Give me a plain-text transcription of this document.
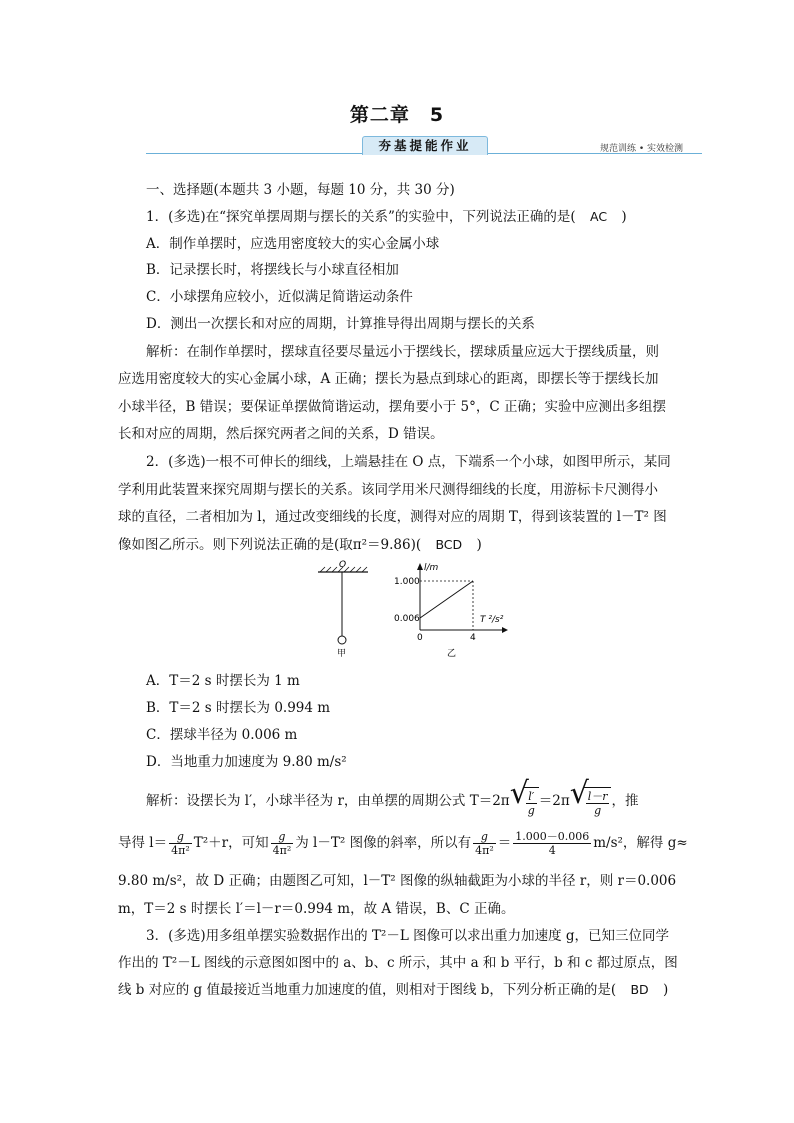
第二章　5
夯基提能作业	规范训练 • 实效检测
一、选择题(本题共 3 小题，每题 10 分，共 30 分)
1．(多选)在“探究单摆周期与摆长的关系”的实验中，下列说法正确的是( AC )
A．制作单摆时，应选用密度较大的实心金属小球
B．记录摆长时，将摆线长与小球直径相加
C．小球摆角应较小，近似满足简谐运动条件
D．测出一次摆长和对应的周期，计算推导得出周期与摆长的关系
解析：在制作单摆时，摆球直径要尽量远小于摆线长，摆球质量应远大于摆线质量，则
应选用密度较大的实心金属小球，A 正确；摆长为悬点到球心的距离，即摆长等于摆线长加
小球半径，B 错误；要保证单摆做简谐运动，摆角要小于 5°，C 正确；实验中应测出多组摆
长和对应的周期，然后探究两者之间的关系，D 错误。
2．(多选)一根不可伸长的细线，上端悬挂在 O 点，下端系一个小球，如图甲所示，某同
学利用此装置来探究周期与摆长的关系。该同学用米尺测得细线的长度，用游标卡尺测得小
球的直径，二者相加为 l，通过改变细线的长度，测得对应的周期 T，得到该装置的 l－T² 图
像如图乙所示。则下列说法正确的是(取π²＝9.86)( BCD )
O
甲
l/m
T ²/s²
1.000
0.006
0	4
乙
A．T＝2 s 时摆长为 1 m
B．T＝2 s 时摆长为 0.994 m
C．摆球半径为 0.006 m
D．当地重力加速度为 9.80 m/s²
解析：设摆长为 l′，小球半径为 r，由单摆的周期公式 T＝2π √
$\frac{l'}{g} =2\pi$ √
$\frac{l-r}{g}$ ，推
导得 $l= \frac{g}{\text{4π²}} T^2+r$，可知 $\frac{g}{\text{4π²}}$ 为 l－T² 图像的斜率，所以有 $\frac{g}{\text{4π²}} = \frac{1.000-0.006}{4} m/s^2$，解得 g≈
9.80 m/s²，故 D 正确；由题图乙可知，l－T² 图像的纵轴截距为小球的半径 r，则 r＝0.006
m，T＝2 s 时摆长 l′＝l－r＝0.994 m，故 A 错误，B、C 正确。
3．(多选)用多组单摆实验数据作出的 T²－L 图像可以求出重力加速度 g，已知三位同学
作出的 T²－L 图线的示意图如图中的 a、b、c 所示，其中 a 和 b 平行，b 和 c 都过原点，图
线 b 对应的 g 值最接近当地重力加速度的值，则相对于图线 b，下列分析正确的是( BD )
